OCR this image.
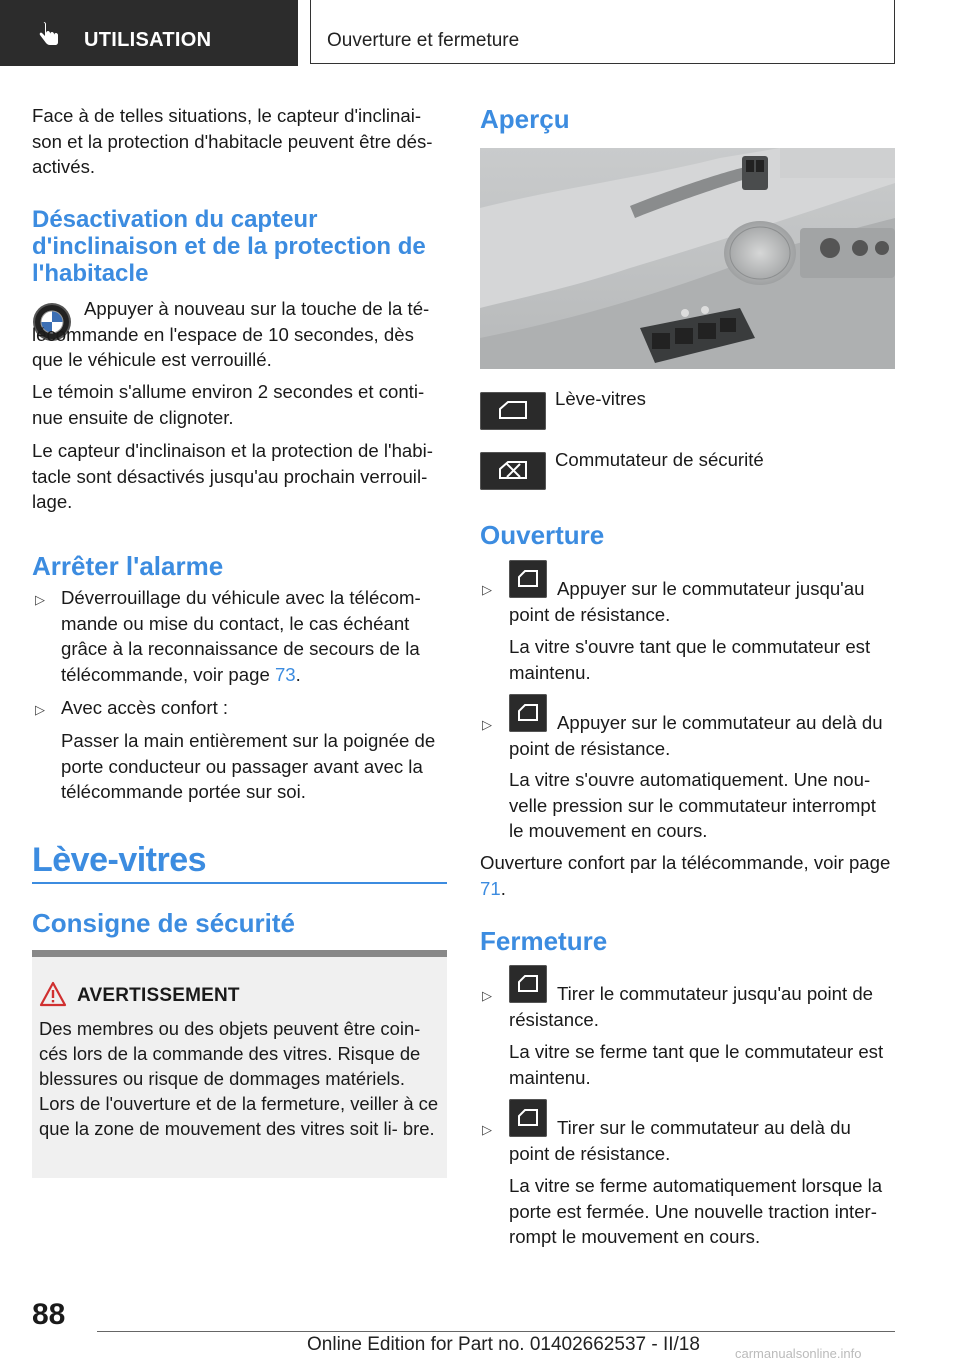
UTILISATION	Ouverture et fermeture

Face à de telles situations, le capteur d'inclinai‐ son et la protection d'habitacle peuvent être dés‐ activés.

Désactivation du capteur d'inclinaison et de la protection de l'habitacle

Appuyer à nouveau sur la touche de la té‐ lécommande en l'espace de 10 secondes, dès que le véhicule est verrouillé.

Le témoin s'allume environ 2 secondes et conti‐ nue ensuite de clignoter.

Le capteur d'inclinaison et la protection de l'habi‐ tacle sont désactivés jusqu'au prochain verrouil‐ lage.

Arrêter l'alarme
▷ Déverrouillage du véhicule avec la télécom‐ mande ou mise du contact, le cas échéant grâce à la reconnaissance de secours de la télécommande, voir page 73.

▷ Avec accès confort :

Passer la main entièrement sur la poignée de porte conducteur ou passager avant avec la télécommande portée sur soi.

Lève-vitres
Consigne de sécurité
AVERTISSEMENT
Des membres ou des objets peuvent être coin‐ cés lors de la commande des vitres. Risque de blessures ou risque de dommages matériels. Lors de l'ouverture et de la fermeture, veiller à ce que la zone de mouvement des vitres soit li‐ bre.
Aperçu

Lève-vitres

Commutateur de sécurité

Ouverture
▷	Appuyer sur le commutateur jusqu'au point de résistance.

La vitre s'ouvre tant que le commutateur est maintenu.

▷	Appuyer sur le commutateur au delà du point de résistance.

La vitre s'ouvre automatiquement. Une nou‐ velle pression sur le commutateur interrompt le mouvement en cours.

Ouverture confort par la télécommande, voir page 71.

Fermeture
▷	Tirer le commutateur jusqu'au point de résistance.

La vitre se ferme tant que le commutateur est maintenu.

▷	Tirer sur le commutateur au delà du point de résistance.

La vitre se ferme automatiquement lorsque la porte est fermée. Une nouvelle traction inter‐ rompt le mouvement en cours.

88
Online Edition for Part no. 01402662537 - II/18	carmanualsonline.info
